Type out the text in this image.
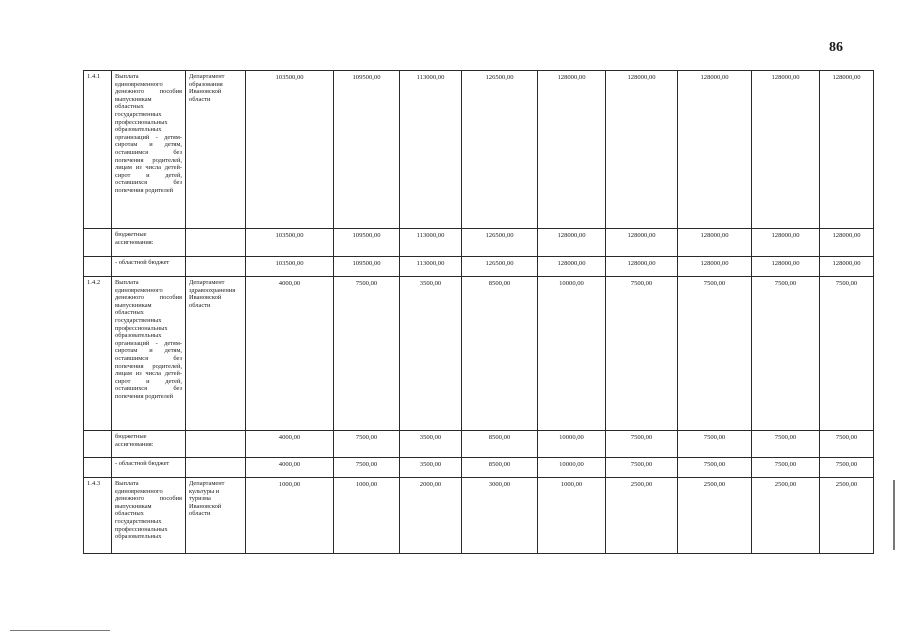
86
1.4.1	Выплата единовременного денежного пособия выпускникам областных государственных профессиональных образовательных организаций - детям-сиротам и детям, оставшимся без попечения родителей, лицам из числа детей-сирот и детей, оставшихся без попечения родителей	Департамент образования Ивановской области	103500,00	109500,00	113000,00	126500,00	128000,00	128000,00	128000,00	128000,00	128000,00
	бюджетные ассигнования:		103500,00	109500,00	113000,00	126500,00	128000,00	128000,00	128000,00	128000,00	128000,00
	- областной бюджет		103500,00	109500,00	113000,00	126500,00	128000,00	128000,00	128000,00	128000,00	128000,00
1.4.2	Выплата единовременного денежного пособия выпускникам областных государственных профессиональных образовательных организаций - детям-сиротам и детям, оставшимся без попечения родителей, лицам из числа детей-сирот и детей, оставшихся без попечения родителей	Департамент здравоохранения Ивановской области	4000,00	7500,00	3500,00	8500,00	10000,00	7500,00	7500,00	7500,00	7500,00
	бюджетные ассигнования:		4000,00	7500,00	3500,00	8500,00	10000,00	7500,00	7500,00	7500,00	7500,00
	- областной бюджет		4000,00	7500,00	3500,00	8500,00	10000,00	7500,00	7500,00	7500,00	7500,00
1.4.3	Выплата единовременного денежного пособия выпускникам областных государственных профессиональных образовательных	Департамент культуры и туризма Ивановской области	1000,00	1000,00	2000,00	3000,00	1000,00	2500,00	2500,00	2500,00	2500,00
